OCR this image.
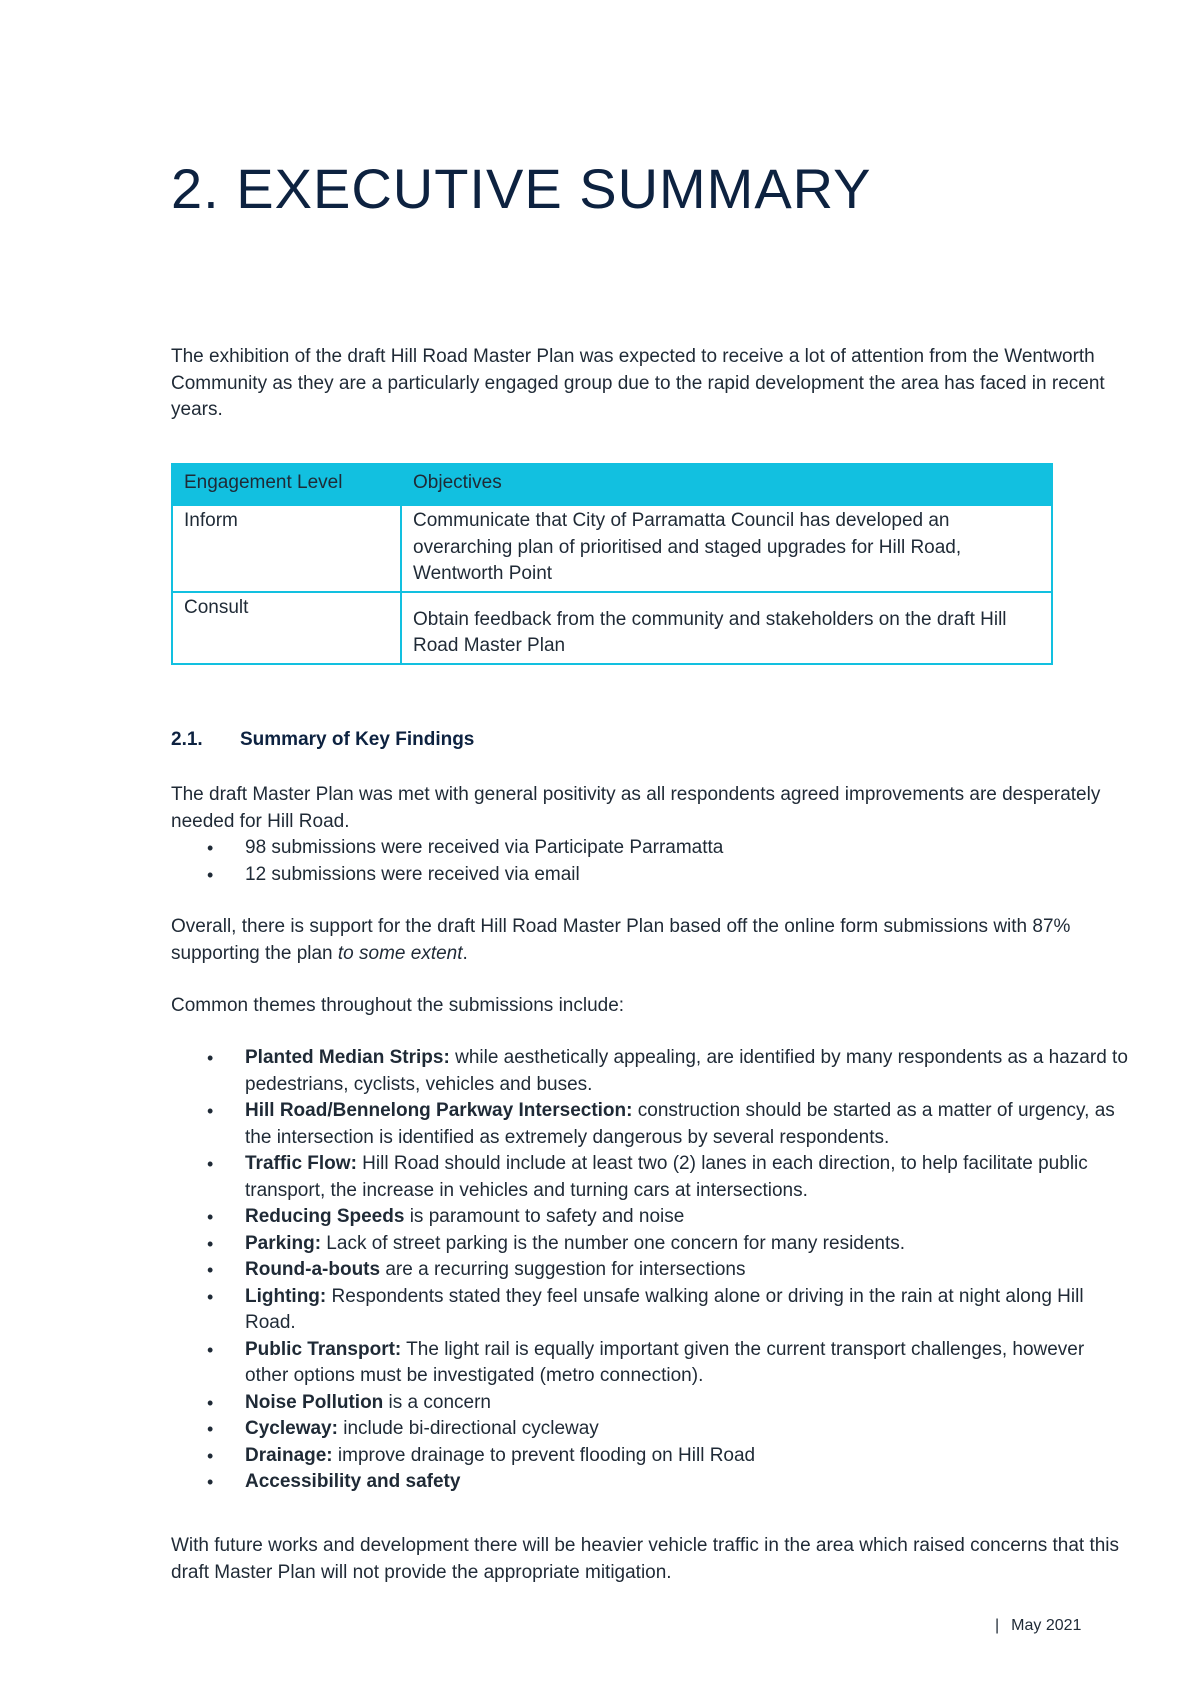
2. EXECUTIVE SUMMARY

The exhibition of the draft Hill Road Master Plan was expected to receive a lot of attention from the Wentworth Community as they are a particularly engaged group due to the rapid development the area has faced in recent years.

Engagement Level	Objectives
Inform	Communicate that City of Parramatta Council has developed an overarching plan of prioritised and staged upgrades for Hill Road, Wentworth Point
Consult	Obtain feedback from the community and stakeholders on the draft Hill Road Master Plan
2.1. Summary of Key Findings

The draft Master Plan was met with general positivity as all respondents agreed improvements are desperately needed for Hill Road.

• 98 submissions were received via Participate Parramatta
• 12 submissions were received via email

Overall, there is support for the draft Hill Road Master Plan based off the online form submissions with 87% supporting the plan to some extent.

Common themes throughout the submissions include:

• Planted Median Strips: while aesthetically appealing, are identified by many respondents as a hazard to pedestrians, cyclists, vehicles and buses.
• Hill Road/Bennelong Parkway Intersection: construction should be started as a matter of urgency, as the intersection is identified as extremely dangerous by several respondents.
• Traffic Flow: Hill Road should include at least two (2) lanes in each direction, to help facilitate public transport, the increase in vehicles and turning cars at intersections.
• Reducing Speeds is paramount to safety and noise
• Parking: Lack of street parking is the number one concern for many residents.
• Round-a-bouts are a recurring suggestion for intersections
• Lighting: Respondents stated they feel unsafe walking alone or driving in the rain at night along Hill Road.
• Public Transport: The light rail is equally important given the current transport challenges, however other options must be investigated (metro connection).
• Noise Pollution is a concern
• Cycleway: include bi-directional cycleway
• Drainage: improve drainage to prevent flooding on Hill Road
• Accessibility and safety

With future works and development there will be heavier vehicle traffic in the area which raised concerns that this draft Master Plan will not provide the appropriate mitigation.

| May 2021
